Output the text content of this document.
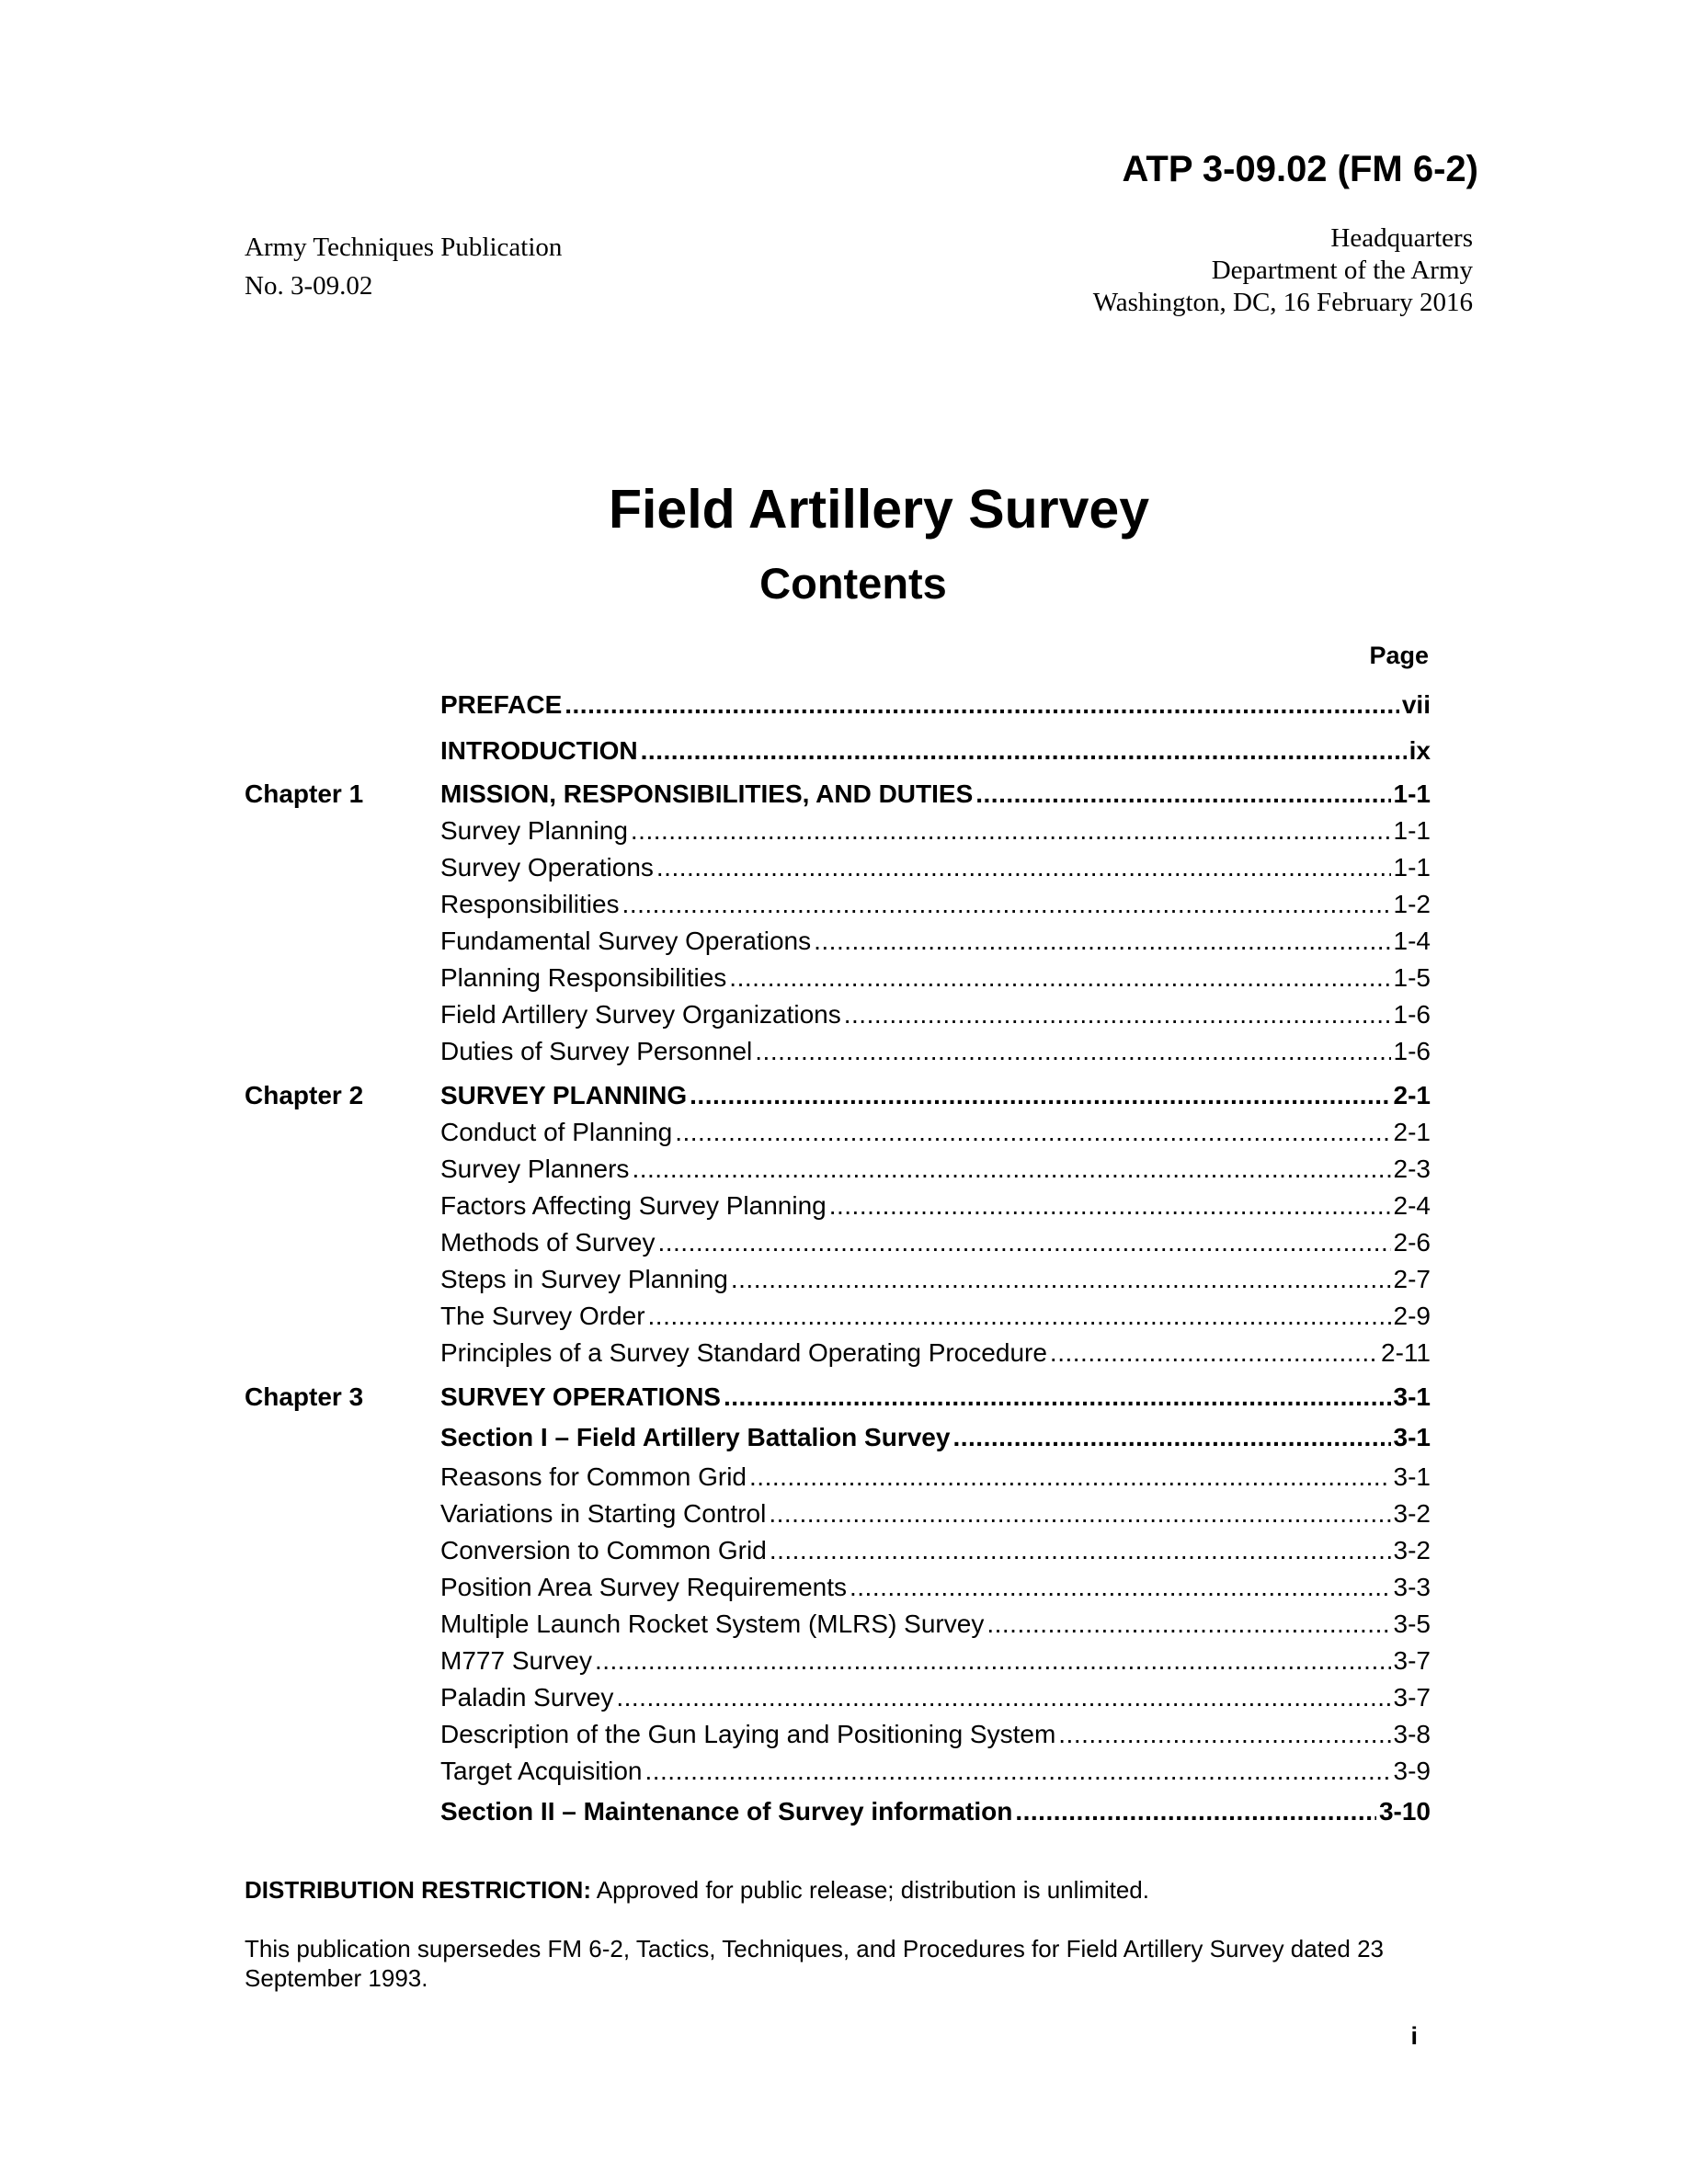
ATP 3-09.02 (FM 6-2)
Army Techniques Publication
No. 3-09.02
Headquarters
Department of the Army
Washington, DC, 16 February 2016
Field Artillery Survey
Contents
Page
PREFACE .....	vii
INTRODUCTION .....	ix
Chapter 1	MISSION, RESPONSIBILITIES, AND DUTIES .....	1-1
Survey Planning .....	1-1
Survey Operations .....	1-1
Responsibilities .....	1-2
Fundamental Survey Operations .....	1-4
Planning Responsibilities .....	1-5
Field Artillery Survey Organizations .....	1-6
Duties of Survey Personnel .....	1-6
Chapter 2	SURVEY PLANNING .....	2-1
Conduct of Planning .....	2-1
Survey Planners .....	2-3
Factors Affecting Survey Planning .....	2-4
Methods of Survey .....	2-6
Steps in Survey Planning .....	2-7
The Survey Order .....	2-9
Principles of a Survey Standard Operating Procedure .....	2-11
Chapter 3	SURVEY OPERATIONS .....	3-1
Section I – Field Artillery Battalion Survey .....	3-1
Reasons for Common Grid .....	3-1
Variations in Starting Control .....	3-2
Conversion to Common Grid .....	3-2
Position Area Survey Requirements .....	3-3
Multiple Launch Rocket System (MLRS) Survey .....	3-5
M777 Survey .....	3-7
Paladin Survey .....	3-7
Description of the Gun Laying and Positioning System .....	3-8
Target Acquisition .....	3-9
Section II – Maintenance of Survey information .....	3-10
DISTRIBUTION RESTRICTION: Approved for public release; distribution is unlimited.
This publication supersedes FM 6-2, Tactics, Techniques, and Procedures for Field Artillery Survey dated 23 September 1993.
i
